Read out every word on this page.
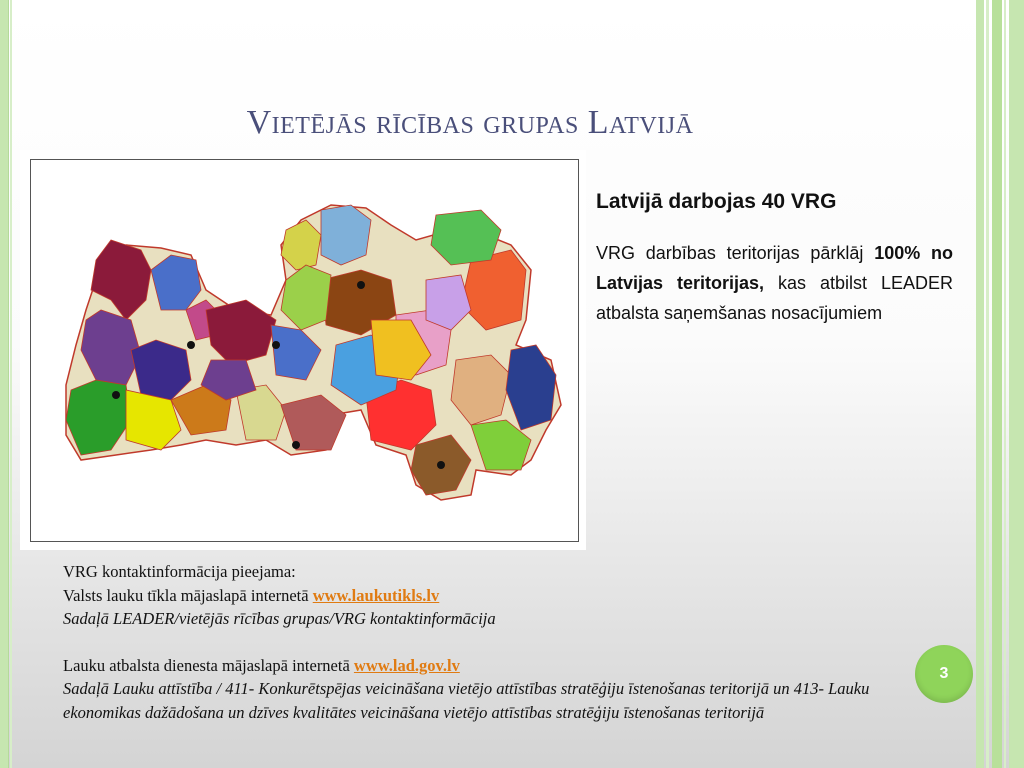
Vietējās rīcības grupas Latvijā

Latvijā darbojas 40 VRG

VRG darbības teritorijas pārklāj 100% no Latvijas teritorijas, kas atbilst LEADER atbalsta saņemšanas nosacījumiem

VRG kontaktinformācija pieejama:

Valsts lauku tīkla mājaslapā internetā www.laukutikls.lv

Sadaļā LEADER/vietējās rīcības grupas/VRG kontaktinformācija

Lauku atbalsta dienesta mājaslapā internetā www.lad.gov.lv

Sadaļā Lauku attīstība / 411- Konkurētspējas veicināšana vietējo attīstības stratēģiju īstenošanas teritorijā un 413- Lauku ekonomikas dažādošana un dzīves kvalitātes veicināšana vietējo attīstības stratēģiju īstenošanas teritorijā

3
